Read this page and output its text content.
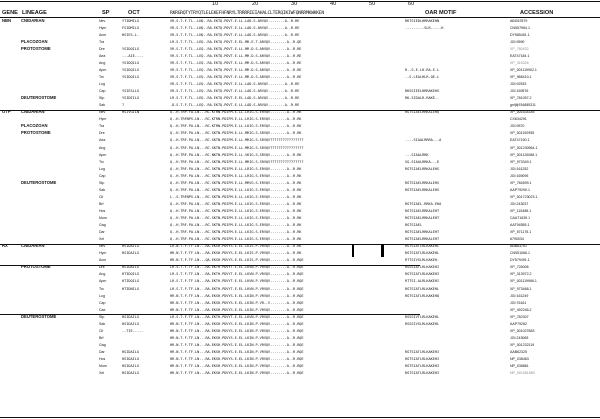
10	20	30	40	50	60
GENE LINEAGE	SP	OCT	RKRGRQTYTRYQTLELEKEFHFNRYLTRRRRIEIAHALCLTERQIKIWFQNRRMKWKKEN	OAR MOTIF	ACCESSION
NBN	CNIDARIAN	Nev	YTIDMILG	VR.S.T.F.TL..LHQ..RA.EKTQ.POVT.E.LL.LAD.S.ARVQV........A..R.RE	RKTSIEDLHRRAKEHN	ABG67879
Hym	FSIDMILG	VR.S.T.F.TL..LHQ..RA.EKTQ.POVT.E.LL.LAD.S.ARVQV........A..R.RE	---------SLR-----H	CN557984.1
Acm	HSIES-L-	VR.S.T.F.TL..LHQ..RA.EKTQ.POVT.E.LL.LAD.S.ARVQV........A..R.RE	DY585401.1
PLACOZOAN	Tra	LR.S.T.T.TL..LEQ..RA.EKTQ.POVT.E.EL.MR.E.T.ARVQV........A..R.QE	JGI:9590
PROTOSTOME	Dre	YSIDQILG	VR.S.T.F.TL..LEQ..RA.EKTQ.POVT.E.LL.MR.D.S.ARVQV........A..R.RE	XP_780432
Aea	---AIE----	VR.S.T.F.TL..LEQ..RA.EKTQ.POVT.E.LL.MR.D.S.ARVQV........A..R.RE	EAT47184.1
Ang	YSIDQILG	VR.S.T.F.TL..LEQ..RA.EKTQ.POVT.E.LL.MR.D.S.ARVQV........A..R.RE	XP_315326
Apm	YSIDQILG	VR.S.T.F.TL..LEQ..RA.EKTQ.POVT.E.LL.MR.D.S.ARVQV........A..R.RE	R--S-E-LH-RA-E-L	XP_001119902.1
Trc	YSIDQILG	VR.S.T.F.TL..LEQ..RA.EKTQ.POVT.E.LL.MR.D.S.ARVQV........A..R.RE	--S-LEALHLR-QE-L	XP_968410.1
Log	VR.S.T.F.TL..LEQ..RA.EKTQ.POVT.E.LL.LAD.S.ARVQV........A..R.RE	JGI:92533
Cap	YSIESLLG	VR.S.T.F.TL..LEQ..RA.EKTQ.POVT.E.LL.LAD.S.ARVQV........A..R.RE	RKSSIEELHRRAKEHS	JGI:169576
DEUTEROSTOME	Stp	YSIDEILG	LR.S.T.F.TL..LEQ..RA.EKTQ.POVT.E.EL.LAD.S.ARVQV........A..R.RE	RK-SIDALR-RAKE--	XP_781057.2
Sak	?	.D.S.T.F.TL..LEQ..RA.EKTQ.POVT.E.LL.LAD.S.ARVQV........A..R.RE	gnl|ti|934885311
OTP	CNIDARIAN	Nev	HSIVGILN	Q..H.TRP.FA.LN...RC.KTRN.PDIFM.E.LL.LRIG.S.ERVQV........A..R.RK	RGTSIAELRRKALEHQ	XP_001634185
Hym	Q..H.TRFNPS.LN...RC.KTRN.PDIFM.E.LL.LRIG.S.ERVQV........A..R.RK	CX634291
PLACOZOAN	Tra	Q..H.TRF.PA.LN...RC.KTRN.PDIFM.E.LL.LKIG.S.ERVQV........A..R.RK	JGI:9570
PROTOSTOME	Dre	Q..H.TRF.PA.LN...RC.SKTN.PDIFM.E.LL.MRIG.S.SRVQV........A..R.RK	XP_001192955
Aea	Q..H.TRF.PA.LN...RC.SKTN.PDIFM.E.LL.MRIG.S.SRVQV????????????????	----SIAALRRRA---A	EAT47190.1
Ang	Q..H.TRF.PA.LN...RC.SKTN.PDIFM.E.LL.MRIG.S.SRVQV????????????????	XP_001230964.1
Apm	Q..H.TRF.PA.LN...RC.NKTN.PDIFM.E.LL.VKIG.S.SRVQV........A..R.RK	---SIAALRRK	XP_001120088.1
Trc	Q..H.TRF.PA.LN...RC.SKTN.PDIFM.E.LL.MRIG.S.SRVQV????????????????	SG-SIAALRRKA---E	XP_973349.1
Log	Q..H.TRF.PA.LN...RC.SKTN.PDIFM.E.LL.LRIG.S.ERVQV........A..R.RK	RGTSIAELRRKALEHS	JGI:161252
Cap	Q..H.TRF.PA.LN...RC.SKTN.PDIFM.E.LL.LRIG.S.ERVQV........A..R.RK	JGI:169095
DEUTEROSTOME	Stp	Q..H.TRF.PA.LN...RC.SKTN.PDIFM.E.LL.MRVG.S.ERVQV........A..R.RK	RGTSIAELRRKALEHS	XP_784599.1
Sak	Q..H.TRF.PA.LN...RC.SKTN.PDIFM.E.LL.LKIG.S.ERVQV........A..R.RK	RGTSIAELRRKALEHS	AAP79290.1
Cii	L..S.TRFNPS.LN...RC.SKTN.PDIFM.E.LL.LKIG.S.ERVQV........A..R.RK	XP_001723023.1
Brf	Q..H.TRF.PA.LN...RC.SKTN.PDIFM.E.LL.LKIG.S.ERVQV........A..R.RK	RGTSIAEL-RRKA-EHA	JGI:243037
Hos	Q..H.TRF.PA.LN...RC.SKTN.PDIFM.E.LL.LKIG.S.ERVQV........A..R.RK	RGTSIAELRRKALEHT	XP_115485.1
Mum	Q..H.TRF.PA.LN...RC.SKTN.PDIFM.E.LL.LKIG.S.ERVQV........A..R.RK	RGTSIAELRRKALEHT	CAA71639.1
Gag	Q..H.TRF.PA.LN...RC.SKTN.PDIFM.E.LL.LKIG.S.ERVQV........A..R.RK	RGTSIAEL	AAT94555.1
Dar	Q..H.TRF.PA.LN...RC.SKTN.PDIFM.E.LL.LKIG.S.ERVQV........A..R.RK	RGTSIAELRRKALEHT	XP_571175.1
Xel	Q..H.TRF.PA.LN...RC.SKTN.PDIFM.E.LL.LKIG.S.ERVQV........A..R.RK	RGTSIAELRRKALEHT	6790034
RX	CNIDARIAN	Nev	HSIDAILG	LR.N.T.F.TF.LN...RA.EKSH.PDVYS.E.EL.LKIS.P.VRVQV........A..R.RK	RGTSIATLRLKAKEHL	ABB83751
Hym	HSIDAILG	HR.N.T.F.TF.LN...RA.EKSH.PDVYS.E.EL.LKIS.P.VRVQV........A..R.RK	RGTSIATLRLKAKEHL	CN551066.1
Acm	HR.N.T.F.TF.LN...QA.EKSH.PDVYS.E.EL.LKIS.P.VRVQV........A..R.RQE	RTTSIVSLRLKAKEH-	DY579491.1
PROTOSTOME	Dre	HSIDAILG	LR.S.T.F.TF.LN...RA.EKTH.PDVYT.E.EL.LKVN.P.VRVQV........A..R.RQE	RSSSIATLRLKAKEHI	XP_726006
Ang	HTIDQILG	LR.S.T.F.TF.LN...RA.EKTH.PDVYT.E.EL.LKVN.P.VRVQV........A..R.RQE	RGTSIATLRLKAKEHI	XP_313972.2
Apm	HTIDQILG	LR.S.T.F.TF.LN...RA.EKTH.PDVYT.E.EL.LKVN.P.VRVQV........A..R.RQE	RTTSI-ALRLKAKEHI	XP_001119966.1
Trc	HTIDNILG	LR.S.T.F.TF.LN...RA.EKTH.PDVYT.E.EL.LKVN.P.VRVQV........A..R.RQE	RGTSIATLRLKAKEHL	XP_973468.1
Log	HR.N.T.F.TF.LN...RA.EKSH.PDVYS.E.EL.LKIN.P.VRVQV........A..R.RQE	RGTSIATLRLKAKEHQ	JGI:161249
Cap	HR.N.T.F.TF.LN...RA.EKSH.PDVYS.E.EL.LKIN.P.VR--V........A..R.RQE	JGI:76161
Cae	HR.N.T.F.TF.LN...RA.EKSH.PDVYS.E.EL.LKIN.P.VRVQV........A..R.RQE	XP_492246.2
DEUTEROSTOME	Stp	HSIDAILG	LR.S.T.F.TF.LN...RA.EKTH.PDVYT.E.EL.LKVN.P.VRVQV........A..R.RQE	RSSSIVTLRLKAKEHL	XP_782307
Sak	HSIDAILG	HR.N.T.F.TF.LN...RA.EKSH.PDVYS.E.EL.LKIN.P.VRVQV........A..R.RQE	RSSSIVSLRLKAKEHL	AAP79282
Cii	--TIE-----	HR.N.T.F.TF.LN...RA.EKSH.PDVYS.E.EL.LKIN.P.VRVQV........A..R.RQE	XP_001027683
Brf	HR.N.T.F.TF.LN...RA.EKSH.PDVYS.E.EL.LKIN.P.VRVQV........A..R.RQE	JGI:243065
Gag	HR.N.T.F.TF.LN...RA.EKSH.PDVYS.E.EL.LKIN.P.VRVQV........A..R.RQE	XP_001232119
Dar	HSIDAILG	HR.N.T.F.TF.LN...RA.EKSH.PDVYS.E.EL.LKIN.P.VRVQV........A..R.RQE	RGTSIATLRLKAKEHI	AAB62325
Hos	HSIDAILG	HR.N.T.F.TF.LN...RA.EKSH.PDVYS.E.EL.LKIN.P.VRVQV........A..R.RQE	RGTSIATLRLKAKEHI	NP_038463
Mum	HSIDAILG	HR.N.T.F.TF.LN...RA.EKSH.PDVYS.E.EL.LKIN.P.VRVQV........A..R.RQE	RGTSIATLRLKAKEHI	NP_038861
Xel	HSIDAILG	HR.N.T.F.TF.LN...RA.EKSH.PDVYS.E.EL.LKIN.P.VRVQV........A..R.RQE	RGTSIATLRLKAKEHI	NP_001081689
